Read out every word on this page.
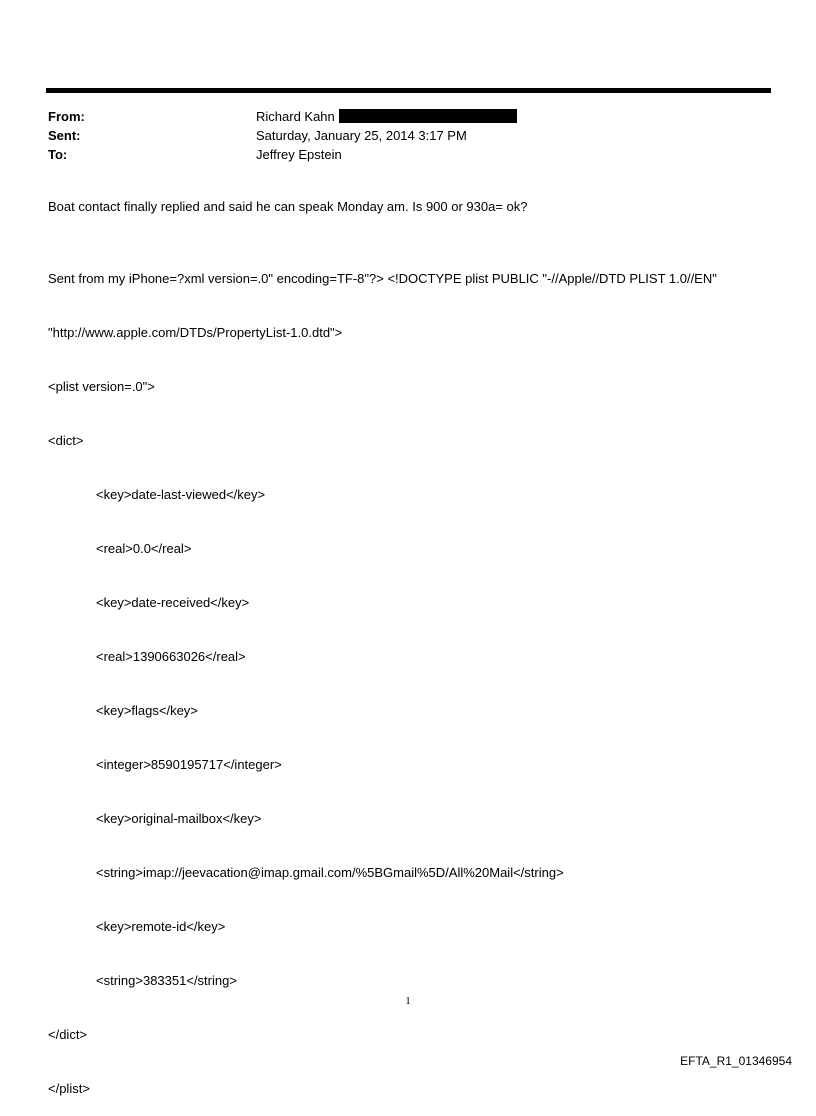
From:	Richard Kahn
Sent:	Saturday, January 25, 2014 3:17 PM
To:	Jeffrey Epstein
Boat contact finally replied and said he can speak Monday am. Is 900 or 930a= ok?

Sent from my iPhone=?xml version=.0" encoding=TF-8"?> <!DOCTYPE plist PUBLIC "-//Apple//DTD PLIST 1.0//EN"

"http://www.apple.com/DTDs/PropertyList-1.0.dtd">

<plist version=.0">

<dict>

<key>date-last-viewed</key>

<real>0.0</real>

<key>date-received</key>

<real>1390663026</real>

<key>flags</key>

<integer>8590195717</integer>

<key>original-mailbox</key>

<string>imap://jeevacation@imap.gmail.com/%5BGmail%5D/All%20Mail</string>

<key>remote-id</key>

<string>383351</string>

</dict>

</plist>

1
EFTA_R1_01346954
